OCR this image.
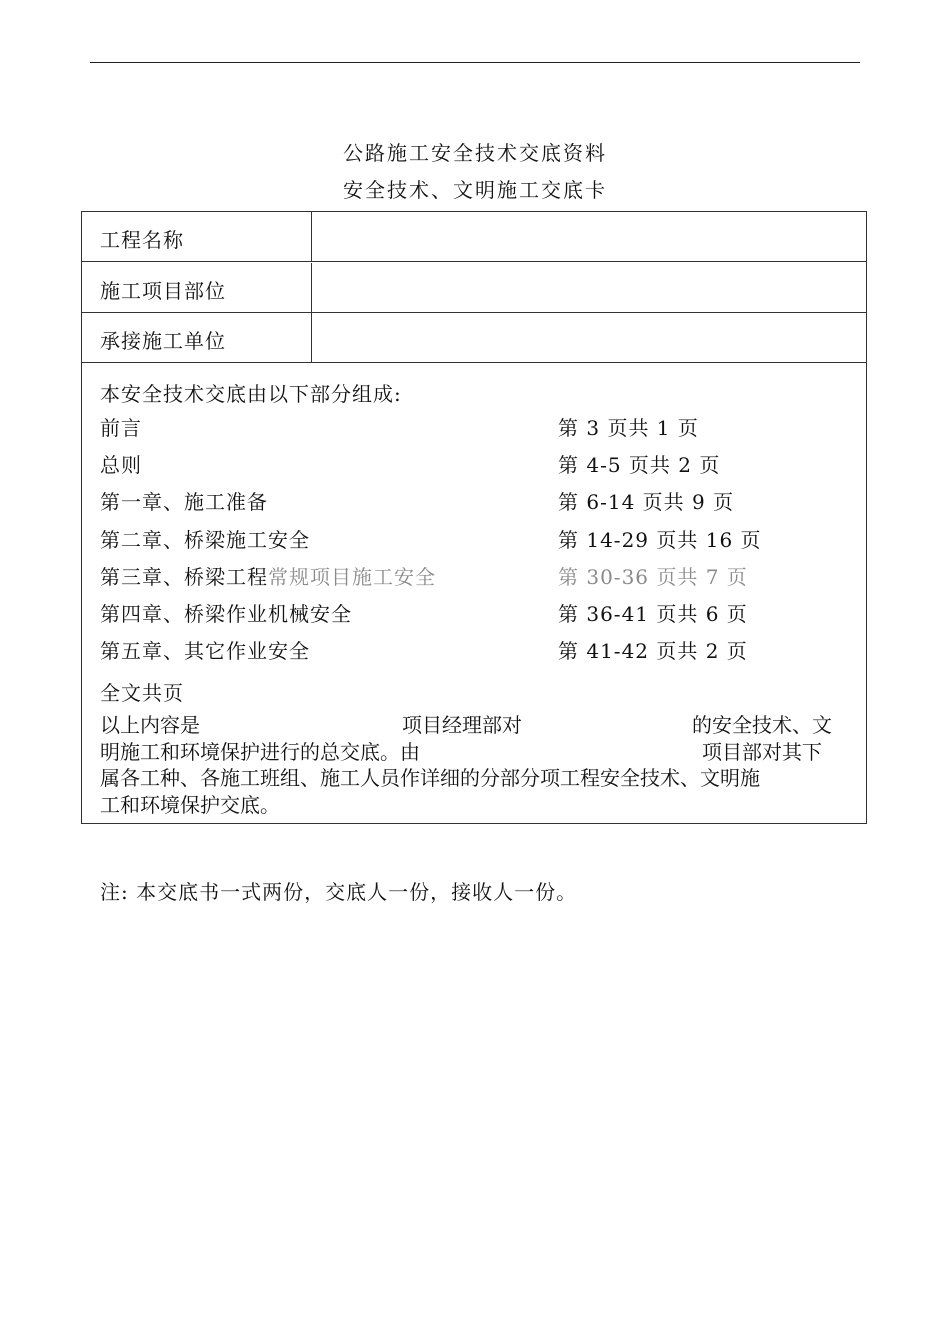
公路施工安全技术交底资料
安全技术、文明施工交底卡
工程名称
施工项目部位
承接施工单位
本安全技术交底由以下部分组成:
前言	第 3 页共 1 页
总则	第 4-5 页共 2 页
第一章、施工准备	第 6-14 页共 9 页
第二章、桥梁施工安全	第 14-29 页共 16 页
第三章、桥梁工程常规项目施工安全	第 30-36 页共 7 页
第四章、桥梁作业机械安全	第 36-41 页共 6 页
第五章、其它作业安全	第 41-42 页共 2 页
全文共页
以上内容是	项目经理部对	的安全技术、文
明施工和环境保护进行的总交底。由	项目部对其下
属各工种、各施工班组、施工人员作详细的分部分项工程安全技术、文明施
工和环境保护交底。
注: 本交底书一式两份，交底人一份，接收人一份。
